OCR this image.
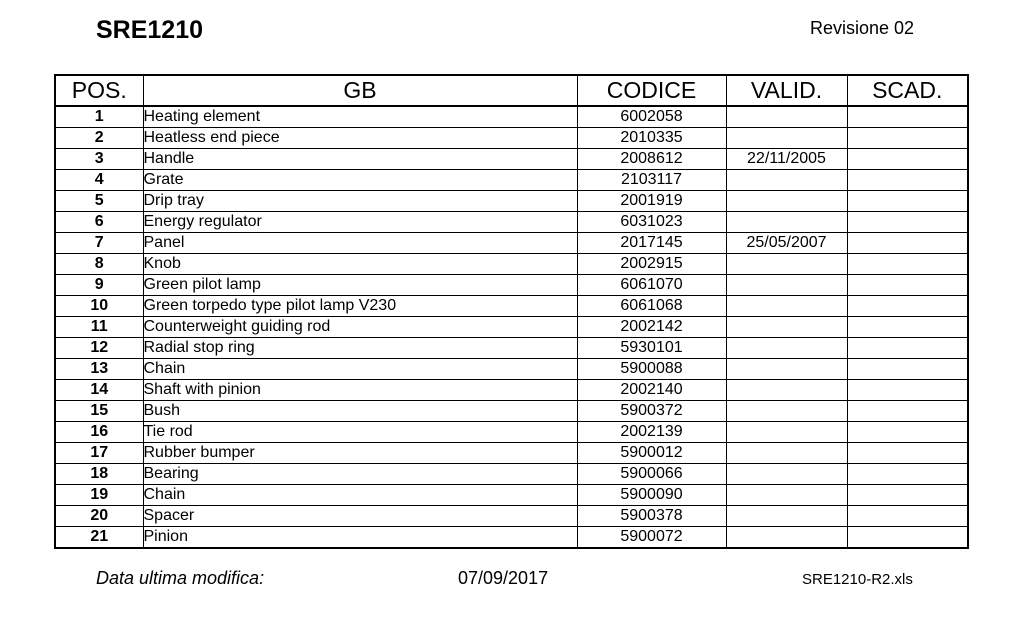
SRE1210	Revisione 02
POS.	GB	CODICE	VALID.	SCAD.
1	Heating element	6002058		
2	Heatless end piece	2010335		
3	Handle	2008612	22/11/2005	
4	Grate	2103117		
5	Drip tray	2001919		
6	Energy regulator	6031023		
7	Panel	2017145	25/05/2007	
8	Knob	2002915		
9	Green pilot lamp	6061070		
10	Green torpedo type pilot lamp V230	6061068		
11	Counterweight guiding rod	2002142		
12	Radial stop ring	5930101		
13	Chain	5900088		
14	Shaft with pinion	2002140		
15	Bush	5900372		
16	Tie rod	2002139		
17	Rubber bumper	5900012		
18	Bearing	5900066		
19	Chain	5900090		
20	Spacer	5900378		
21	Pinion	5900072		
Data ultima modifica:	07/09/2017	SRE1210-R2.xls
